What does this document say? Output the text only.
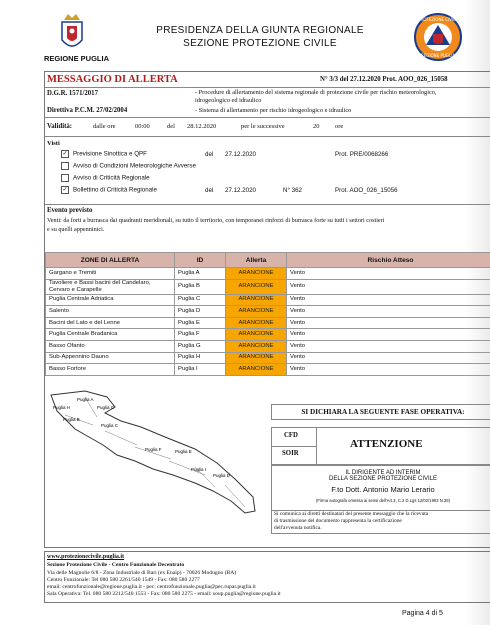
REGIONE PUGLIA
PRESIDENZA DELLA GIUNTA REGIONALE
SEZIONE PROTEZIONE CIVILE
PROTEZIONE CIVILE
REGIONE PUGLIA
MESSAGGIO DI ALLERTA	N° 3/3 del 27.12.2020 Prot. AOO_026_15058
D.G.R. 1571/2017	- Procedure di allertamento del sistema regionale di protezione civile per rischio meteorologico,
idrogeologico ed idraulico
Direttiva P.C.M. 27/02/2004	- Sistema di allertamento per rischio idrogeologico e idraulico
Validità:	dalle ore	00:00	del 28.12.2020	per le successive	20 ore
Visti
✓ Previsione Sinottica e QPF	del 27.12.2020	Prot. PRE/0068266
Avviso di Condizioni Meteorologiche Avverse
Avviso di Criticità Regionale
✓ Bollettino di Criticità Regionale	del 27.12.2020	N° 362	Prot. AOO_026_15056
Evento previsto
Venti: da forti a burrasca dai quadranti meridionali, su tutto il territorio, con temporanei rinforzi di burrasca forte su tutti i settori costieri
e su quelli appenninici.
ZONE DI ALLERTA	ID	Allerta	Rischio Atteso
Gargano e Tremiti	Puglia A	ARANCIONE	Vento
Tavoliere e Bassi bacini del Candelaro, Cervaro e Carapelle	Puglia B	ARANCIONE	Vento
Puglia Centrale Adriatica	Puglia C	ARANCIONE	Vento
Salento	Puglia D	ARANCIONE	Vento
Bacini del Lato e del Lenne	Puglia E	ARANCIONE	Vento
Puglia Centrale Bradanica	Puglia F	ARANCIONE	Vento
Basso Ofanto	Puglia G	ARANCIONE	Vento
Sub-Appennino Dauno	Puglia H	ARANCIONE	Vento
Basso Fortore	Puglia I	ARANCIONE	Vento
Puglia A
Puglia B
Puglia C
Puglia D
Puglia E
Puglia F
Puglia G
Puglia H
Puglia I
SI DICHIARA LA SEGUENTE FASE OPERATIVA:
CFD
SOIR
ATTENZIONE
IL DIRIGENTE AD INTERIM
DELLA SEZIONE PROTEZIONE CIVILE
F.to Dott. Antonio Mario Lerario
(Firma autografa omessa ai sensi dell'Art.3, C.2 D.Lgs 12/02/1993 N.39)
Si comunica ai diretti destinatari del presente messaggio che la ricevuta
di trasmissione del documento rappresenta la certificazione
dell'avvenuta notifica.
www.protezionecivile.puglia.it
Sezione Protezione Civile - Centro Funzionale Decentrato
Via delle Magnolie 6/8 - Zona Industriale di Bari (ex Enaip) - 70026 Modugno (BA)
Centro Funzionale: Tel 080 580 2261/540 1549 - Fax: 080 580 2277
email: centrofunzionale@regione.puglia.it - pec: centrofunzionale.puglia@pec.rupar.puglia.it
Sala Operativa: Tel. 080 580 2212/540 1553 - Fax: 080 580 2275 - email: soup.puglia@regione.puglia.it
Pagina 4 di 5
